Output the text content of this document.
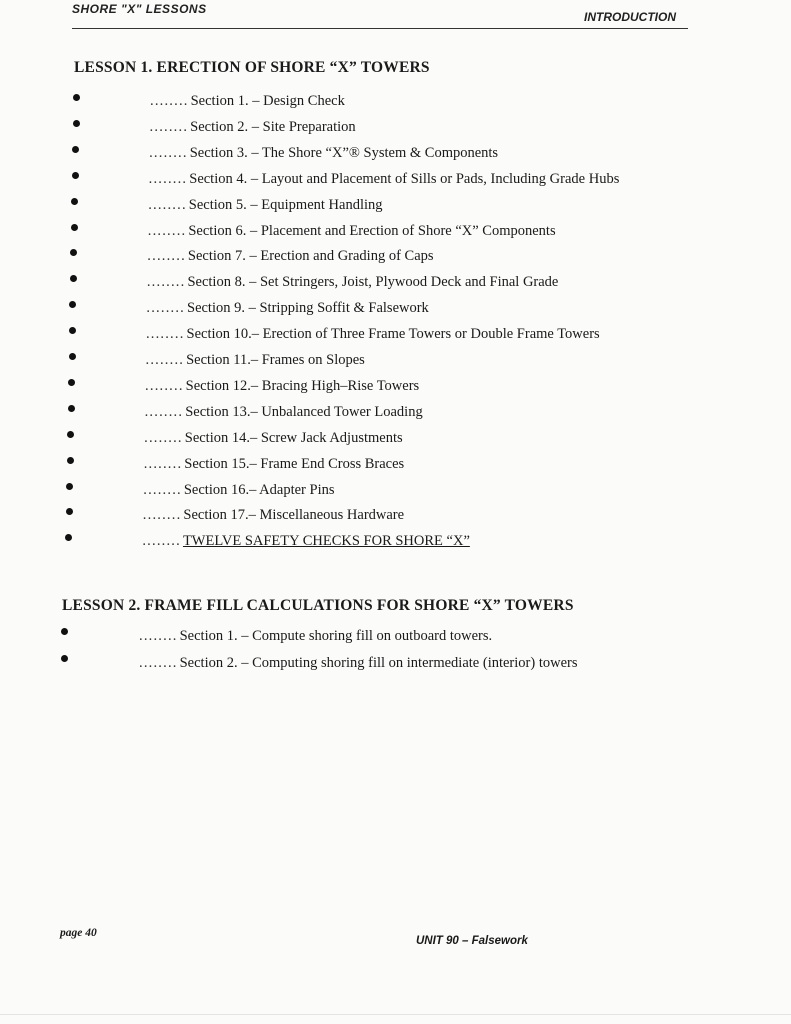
SHORE "X" LESSONS
INTRODUCTION
LESSON 1. ERECTION OF SHORE “X” TOWERS
........ Section 1. – Design Check
........ Section 2. – Site Preparation
........ Section 3. – The Shore “X”® System & Components
........ Section 4. – Layout and Placement of Sills or Pads, Including Grade Hubs
........ Section 5. – Equipment Handling
........ Section 6. – Placement and Erection of Shore “X” Components
........ Section 7. – Erection and Grading of Caps
........ Section 8. – Set Stringers, Joist, Plywood Deck and Final Grade
........ Section 9. – Stripping Soffit & Falsework
........ Section 10.– Erection of Three Frame Towers or Double Frame Towers
........ Section 11.– Frames on Slopes
........ Section 12.– Bracing High–Rise Towers
........ Section 13.– Unbalanced Tower Loading
........ Section 14.– Screw Jack Adjustments
........ Section 15.– Frame End Cross Braces
........ Section 16.– Adapter Pins
........ Section 17.– Miscellaneous Hardware
........ TWELVE SAFETY CHECKS FOR SHORE “X”
LESSON 2. FRAME FILL CALCULATIONS FOR SHORE “X” TOWERS
........ Section 1. – Compute shoring fill on outboard towers.
........ Section 2. – Computing shoring fill on intermediate (interior) towers
page 40
UNIT 90 – Falsework
